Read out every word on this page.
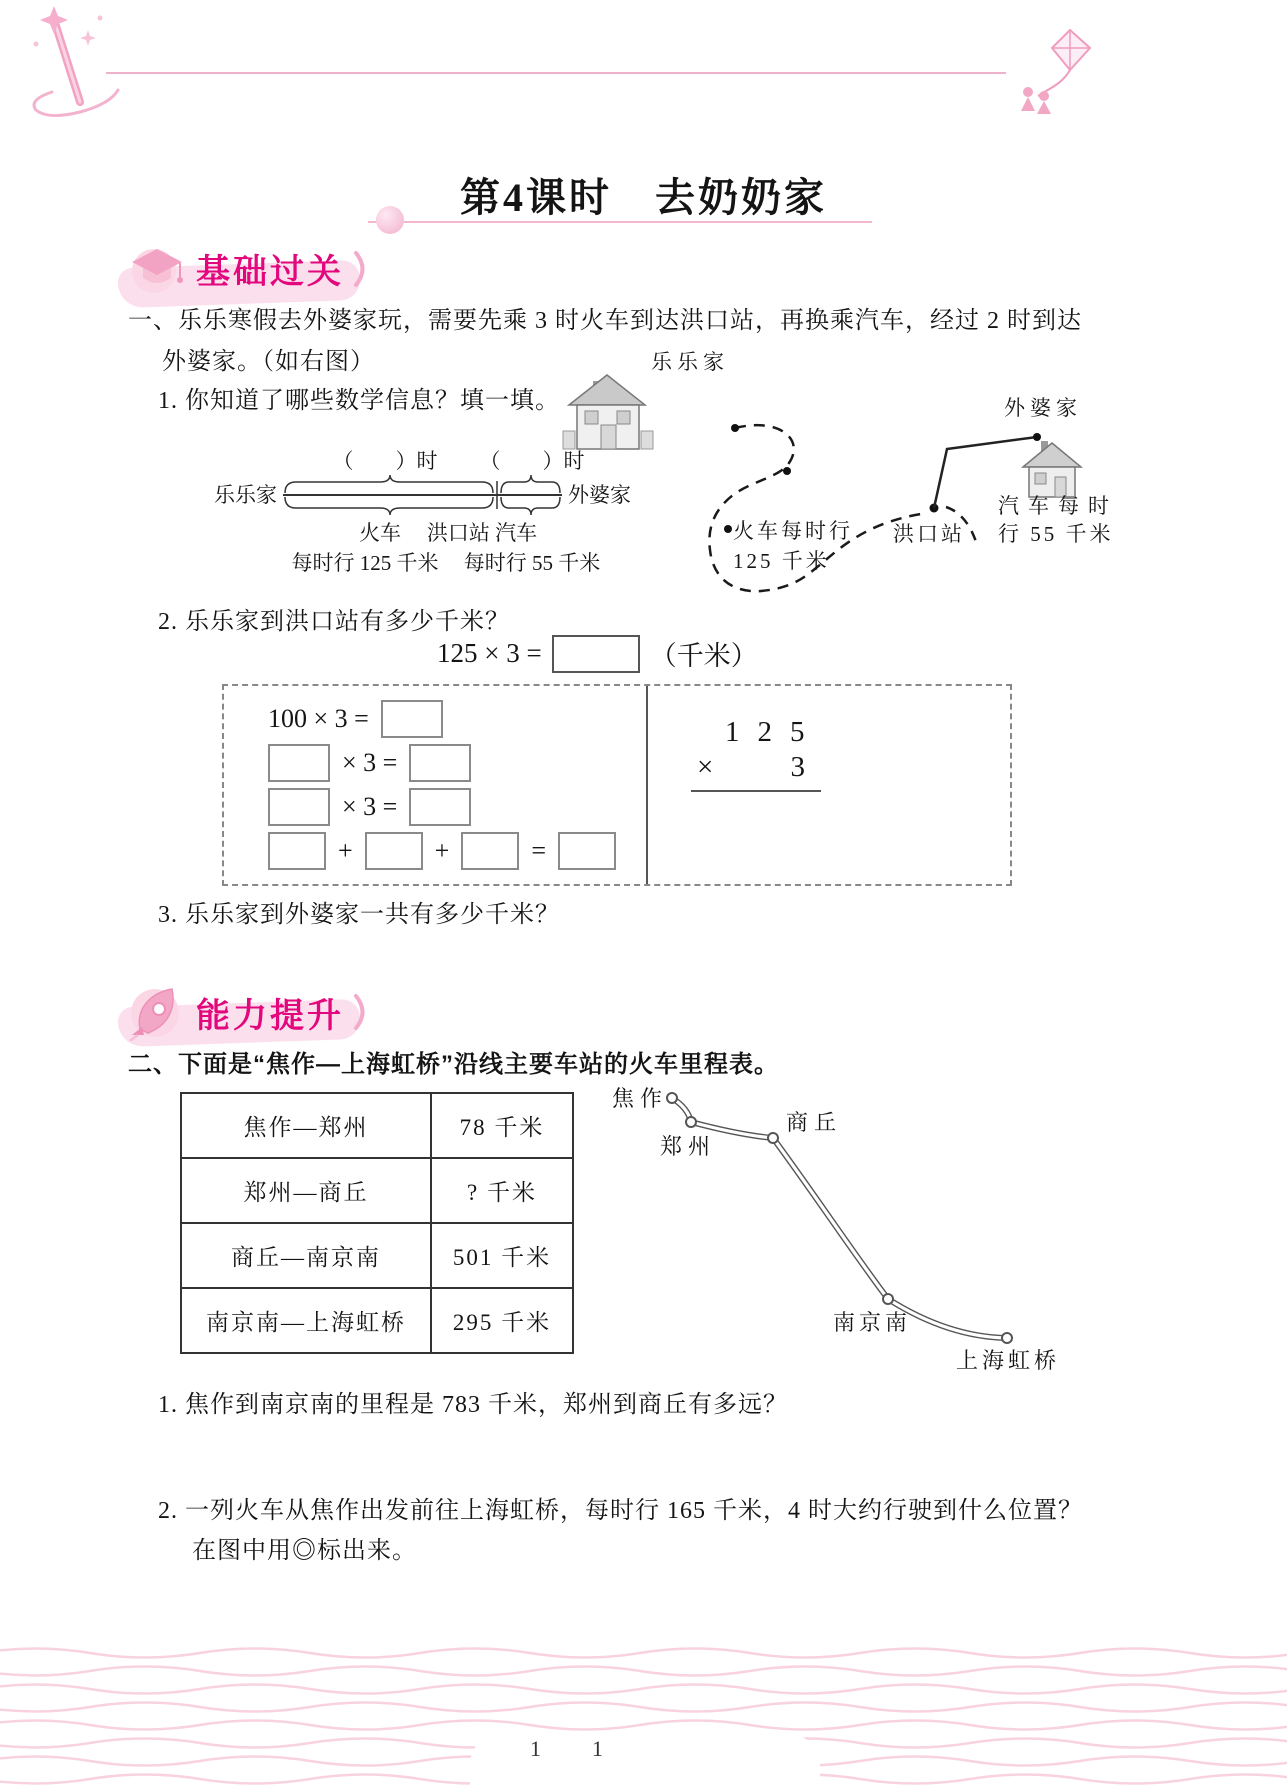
第4课时　去奶奶家
基础过关
一、乐乐寒假去外婆家玩，需要先乘 3 时火车到达洪口站，再换乘汽车，经过 2 时到达
外婆家。（如右图）
1. 你知道了哪些数学信息？填一填。
（　　）时 （　　）时
乐乐家	外婆家
火车 洪口站 汽车
每时行 125 千米 每时行 55 千米
乐乐家
外婆家
火车每时行
125 千米
洪口站
汽车每时
行 55 千米
2. 乐乐家到洪口站有多少千米？
125 × 3 =	（千米）
100 × 3 =
× 3 =
× 3 =
+	+	=
125
×	3
3. 乐乐家到外婆家一共有多少千米？
能力提升
二、下面是“焦作—上海虹桥”沿线主要车站的火车里程表。
焦作—郑州	78 千米
郑州—商丘	? 千米
商丘—南京南	501 千米
南京南—上海虹桥	295 千米
焦作
郑州
商丘
南京南
上海虹桥
1. 焦作到南京南的里程是 783 千米，郑州到商丘有多远？
2. 一列火车从焦作出发前往上海虹桥，每时行 165 千米，4 时大约行驶到什么位置？
在图中用◎标出来。
1 1
